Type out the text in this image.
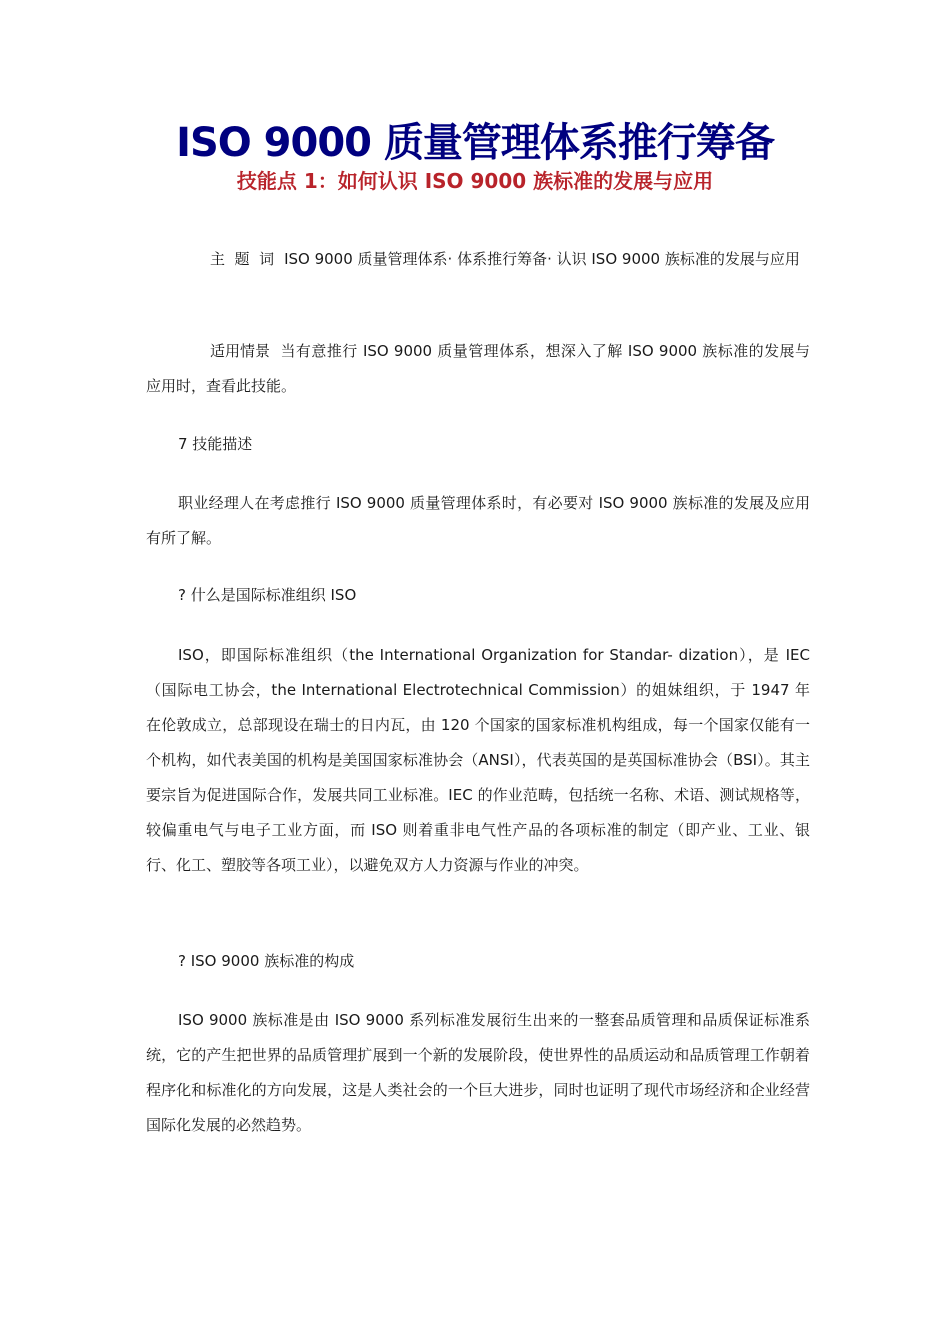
ISO 9000 质量管理体系推行筹备
技能点 1：如何认识 ISO 9000 族标准的发展与应用

主  题  词 ISO 9000 质量管理体系· 体系推行筹备· 认识 ISO 9000 族标准的发展与应用

适用情景 当有意推行 ISO 9000 质量管理体系，想深入了解 ISO 9000 族标准的发展与应用时，查看此技能。

7 技能描述

职业经理人在考虑推行 ISO 9000 质量管理体系时，有必要对 ISO 9000 族标准的发展及应用有所了解。

? 什么是国际标准组织 ISO

ISO，即国际标准组织（the International Organization for Standar- dization），是 IEC（国际电工协会，the International Electrotechnical Commission）的姐妹组织，于 1947 年在伦敦成立，总部现设在瑞士的日内瓦，由 120 个国家的国家标准机构组成，每一个国家仅能有一个机构，如代表美国的机构是美国国家标准协会（ANSI），代表英国的是英国标准协会（BSI）。其主要宗旨为促进国际合作，发展共同工业标准。IEC 的作业范畴，包括统一名称、术语、测试规格等，较偏重电气与电子工业方面，而 ISO 则着重非电气性产品的各项标准的制定（即产业、工业、银行、化工、塑胶等各项工业），以避免双方人力资源与作业的冲突。

? ISO 9000 族标准的构成

ISO 9000 族标准是由 ISO 9000 系列标准发展衍生出来的一整套品质管理和品质保证标准系统，它的产生把世界的品质管理扩展到一个新的发展阶段，使世界性的品质运动和品质管理工作朝着程序化和标准化的方向发展，这是人类社会的一个巨大进步，同时也证明了现代市场经济和企业经营国际化发展的必然趋势。
